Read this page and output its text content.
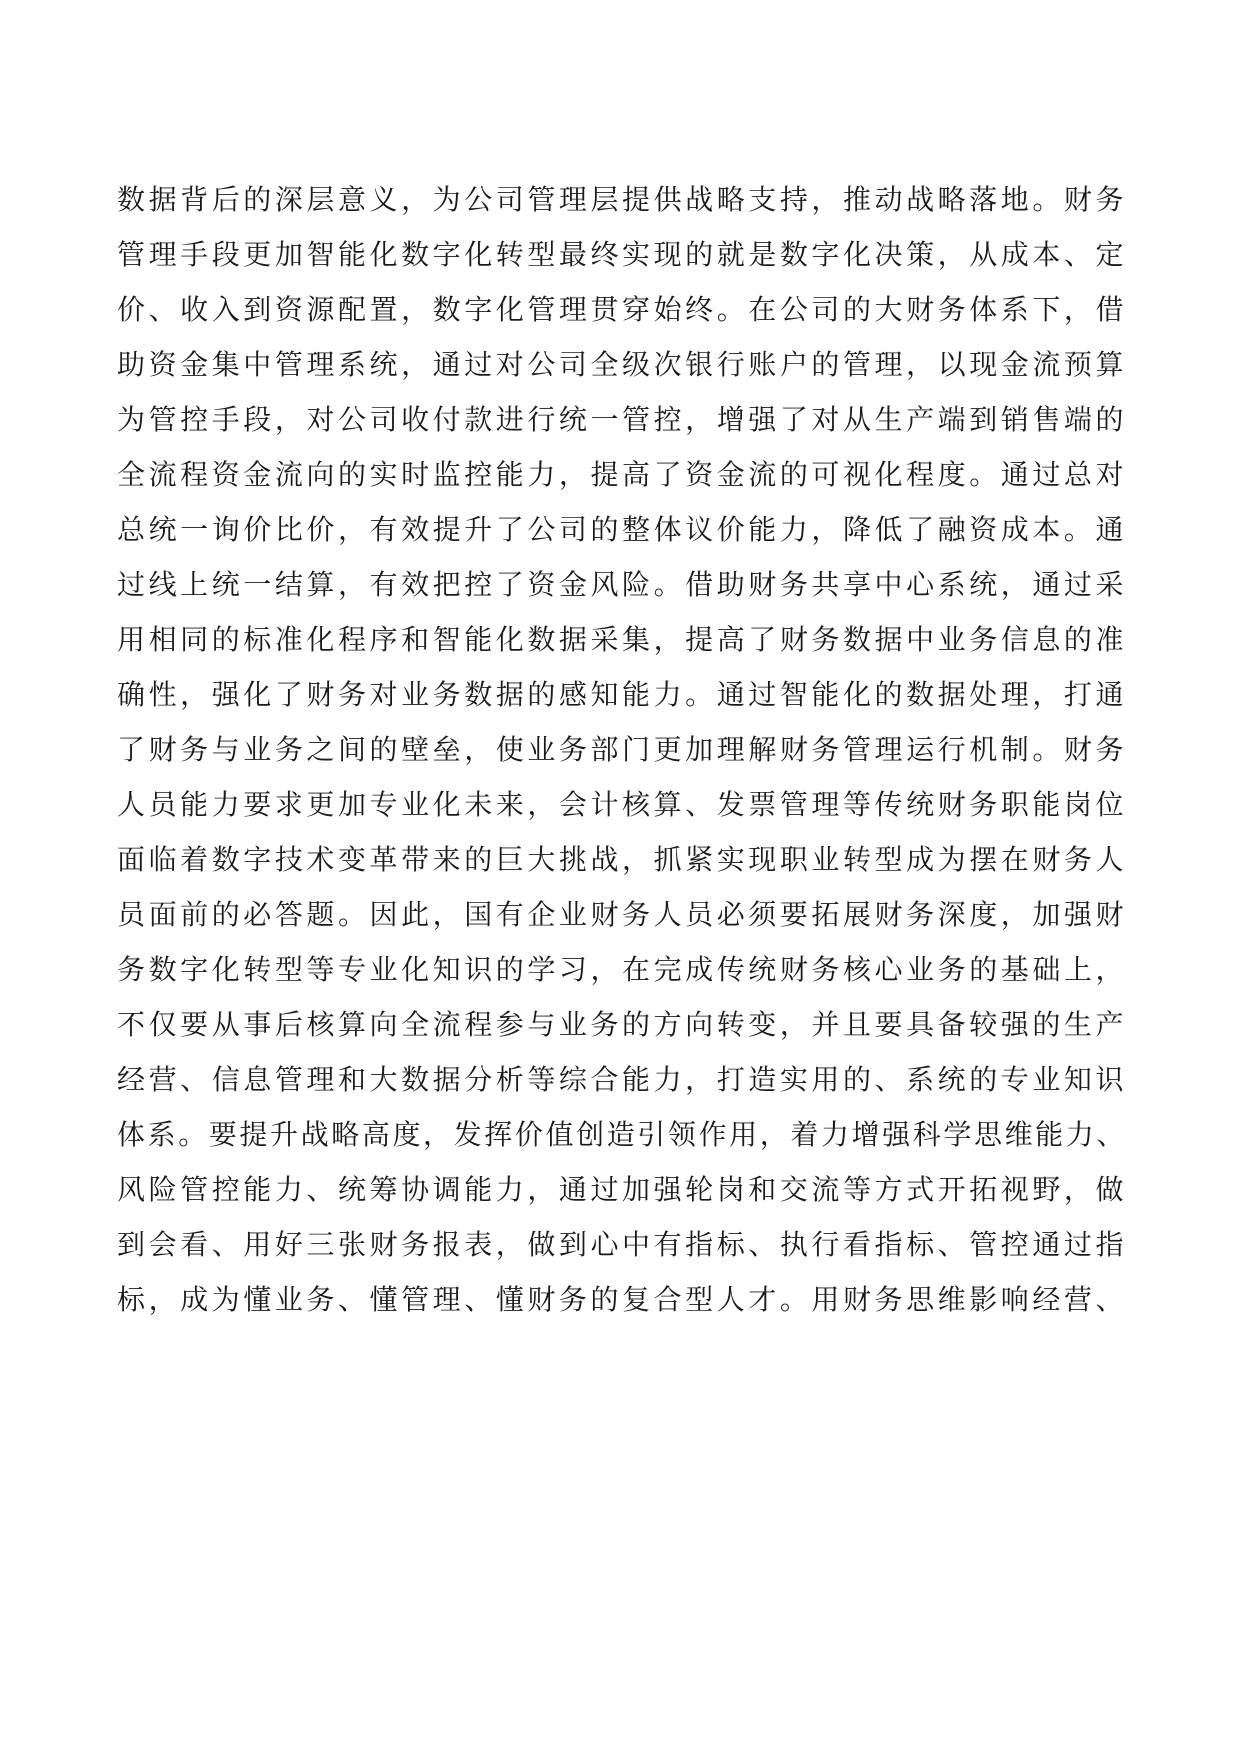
数据背后的深层意义，为公司管理层提供战略支持，推动战略落地。财务
管理手段更加智能化数字化转型最终实现的就是数字化决策，从成本、定
价、收入到资源配置，数字化管理贯穿始终。在公司的大财务体系下，借
助资金集中管理系统，通过对公司全级次银行账户的管理，以现金流预算
为管控手段，对公司收付款进行统一管控，增强了对从生产端到销售端的
全流程资金流向的实时监控能力，提高了资金流的可视化程度。通过总对
总统一询价比价，有效提升了公司的整体议价能力，降低了融资成本。通
过线上统一结算，有效把控了资金风险。借助财务共享中心系统，通过采
用相同的标准化程序和智能化数据采集，提高了财务数据中业务信息的准
确性，强化了财务对业务数据的感知能力。通过智能化的数据处理，打通
了财务与业务之间的壁垒，使业务部门更加理解财务管理运行机制。财务
人员能力要求更加专业化未来，会计核算、发票管理等传统财务职能岗位
面临着数字技术变革带来的巨大挑战，抓紧实现职业转型成为摆在财务人
员面前的必答题。因此，国有企业财务人员必须要拓展财务深度，加强财
务数字化转型等专业化知识的学习，在完成传统财务核心业务的基础上，
不仅要从事后核算向全流程参与业务的方向转变，并且要具备较强的生产
经营、信息管理和大数据分析等综合能力，打造实用的、系统的专业知识
体系。要提升战略高度，发挥价值创造引领作用，着力增强科学思维能力、
风险管控能力、统筹协调能力，通过加强轮岗和交流等方式开拓视野，做
到会看、用好三张财务报表，做到心中有指标、执行看指标、管控通过指
标，成为懂业务、懂管理、懂财务的复合型人才。用财务思维影响经营、
